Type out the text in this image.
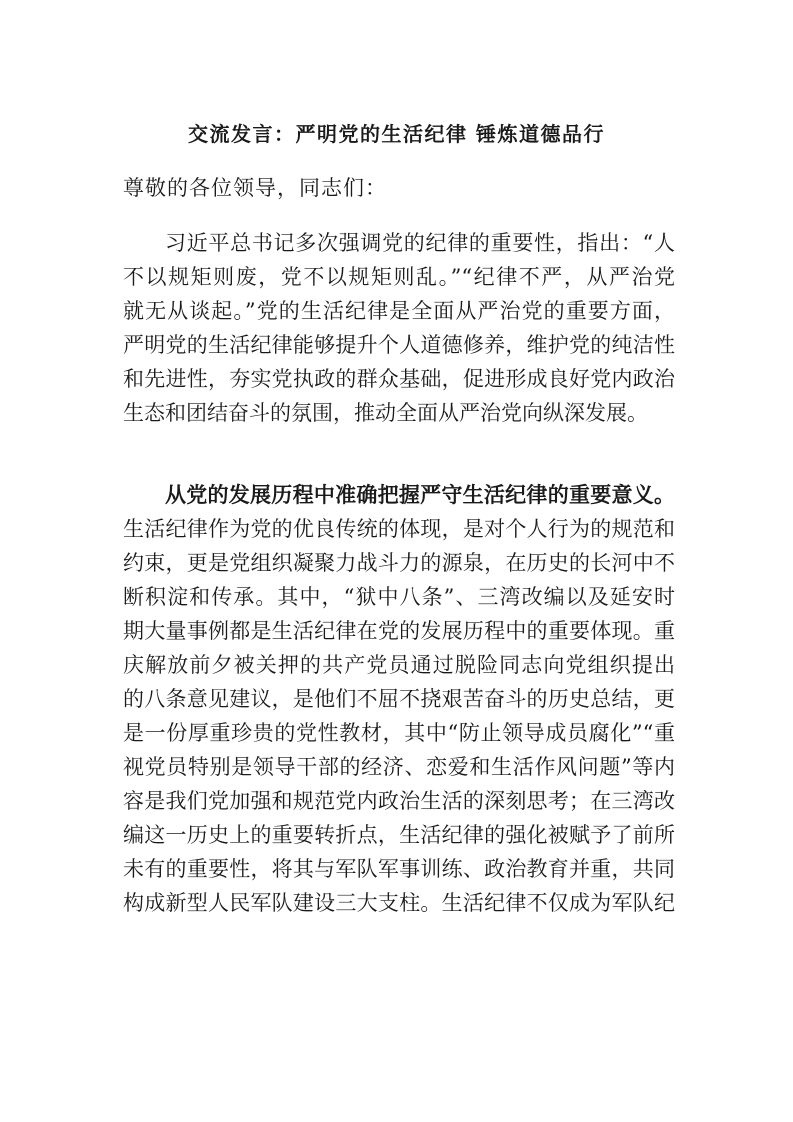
交流发言：严明党的生活纪律 锤炼道德品行
尊敬的各位领导，同志们：
习近平总书记多次强调党的纪律的重要性，指出：“人
不以规矩则废，党不以规矩则乱。”“纪律不严，从严治党
就无从谈起。”党的生活纪律是全面从严治党的重要方面，
严明党的生活纪律能够提升个人道德修养，维护党的纯洁性
和先进性，夯实党执政的群众基础，促进形成良好党内政治
生态和团结奋斗的氛围，推动全面从严治党向纵深发展。
从党的发展历程中准确把握严守生活纪律的重要意义。
生活纪律作为党的优良传统的体现，是对个人行为的规范和
约束，更是党组织凝聚力战斗力的源泉，在历史的长河中不
断积淀和传承。其中，“狱中八条”、三湾改编以及延安时
期大量事例都是生活纪律在党的发展历程中的重要体现。重
庆解放前夕被关押的共产党员通过脱险同志向党组织提出
的八条意见建议，是他们不屈不挠艰苦奋斗的历史总结，更
是一份厚重珍贵的党性教材，其中“防止领导成员腐化”“重
视党员特别是领导干部的经济、恋爱和生活作风问题”等内
容是我们党加强和规范党内政治生活的深刻思考；在三湾改
编这一历史上的重要转折点，生活纪律的强化被赋予了前所
未有的重要性，将其与军队军事训练、政治教育并重，共同
构成新型人民军队建设三大支柱。生活纪律不仅成为军队纪
